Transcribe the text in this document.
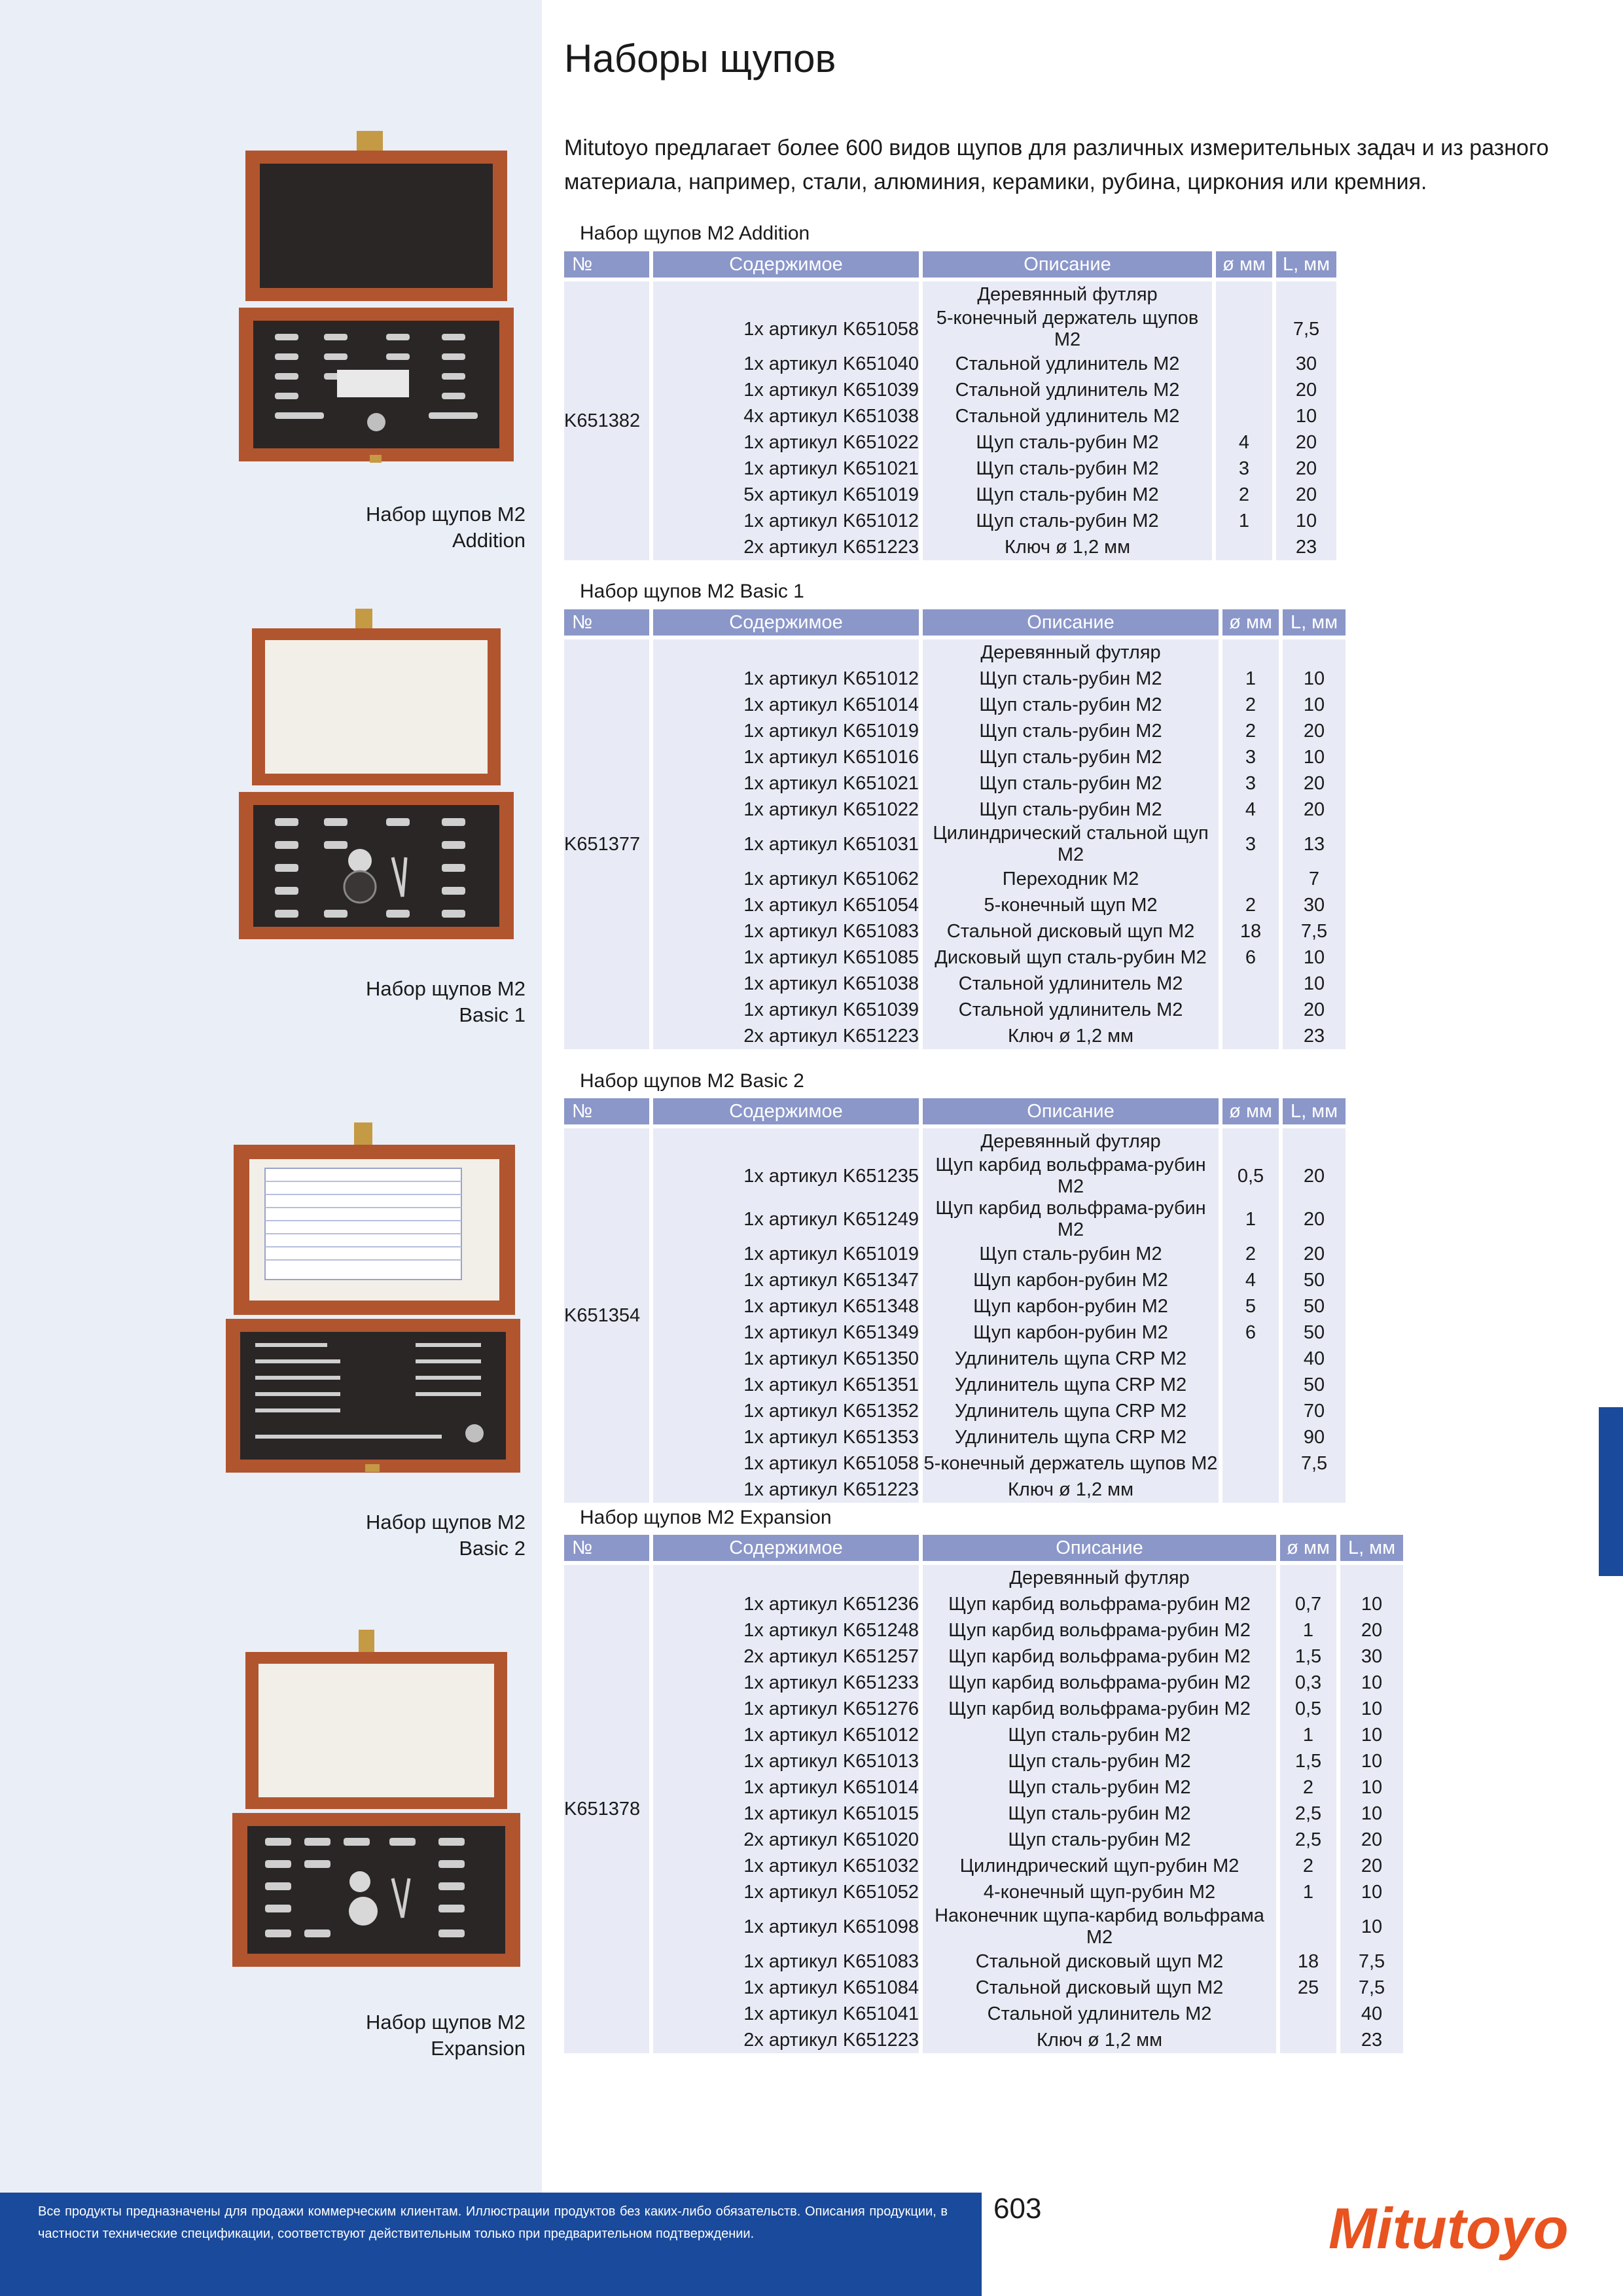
Наборы щупов

Mitutoyo предлагает более 600 видов щупов для различных измерительных задач и из разного материала, например, стали, алюминия, керамики, рубина, циркония или кремния.

Набор щупов M2 Addition
№	Содержимое	Описание	ø мм	L, мм
K651382		Деревянный футляр		
	1x артикул K651058	5-конечный держатель щупов M2		7,5
	1x артикул K651040	Стальной удлинитель M2		30
	1x артикул K651039	Стальной удлинитель M2		20
	4x артикул K651038	Стальной удлинитель M2		10
	1x артикул K651022	Щуп сталь-рубин M2	4	20
	1x артикул K651021	Щуп сталь-рубин M2	3	20
	5x артикул K651019	Щуп сталь-рубин M2	2	20
	1x артикул K651012	Щуп сталь-рубин M2	1	10
	2x артикул K651223	Ключ ø 1,2 мм		23
Набор щупов M2 Basic 1
№	Содержимое	Описание	ø мм	L, мм
K651377		Деревянный футляр		
	1x артикул K651012	Щуп сталь-рубин M2	1	10
	1x артикул K651014	Щуп сталь-рубин M2	2	10
	1x артикул K651019	Щуп сталь-рубин M2	2	20
	1x артикул K651016	Щуп сталь-рубин M2	3	10
	1x артикул K651021	Щуп сталь-рубин M2	3	20
	1x артикул K651022	Щуп сталь-рубин M2	4	20
	1x артикул K651031	Цилиндрический стальной щуп M2	3	13
	1x артикул K651062	Переходник M2		7
	1x артикул K651054	5-конечный щуп M2	2	30
	1x артикул K651083	Стальной дисковый щуп M2	18	7,5
	1x артикул K651085	Дисковый щуп сталь-рубин M2	6	10
	1x артикул K651038	Стальной удлинитель M2		10
	1x артикул K651039	Стальной удлинитель M2		20
	2x артикул K651223	Ключ ø 1,2 мм		23
Набор щупов M2 Basic 2
№	Содержимое	Описание	ø мм	L, мм
K651354		Деревянный футляр		
	1x артикул K651235	Щуп карбид вольфрама-рубин M2	0,5	20
	1x артикул K651249	Щуп карбид вольфрама-рубин M2	1	20
	1x артикул K651019	Щуп сталь-рубин M2	2	20
	1x артикул K651347	Щуп карбон-рубин M2	4	50
	1x артикул K651348	Щуп карбон-рубин M2	5	50
	1x артикул K651349	Щуп карбон-рубин M2	6	50
	1x артикул K651350	Удлинитель щупа CRP M2		40
	1x артикул K651351	Удлинитель щупа CRP M2		50
	1x артикул K651352	Удлинитель щупа CRP M2		70
	1x артикул K651353	Удлинитель щупа CRP M2		90
	1x артикул K651058	5-конечный держатель щупов M2		7,5
	1x артикул K651223	Ключ ø 1,2 мм		
Набор щупов M2 Expansion
№	Содержимое	Описание	ø мм	L, мм
K651378		Деревянный футляр		
	1x артикул K651236	Щуп карбид вольфрама-рубин M2	0,7	10
	1x артикул K651248	Щуп карбид вольфрама-рубин M2	1	20
	2x артикул K651257	Щуп карбид вольфрама-рубин M2	1,5	30
	1x артикул K651233	Щуп карбид вольфрама-рубин M2	0,3	10
	1x артикул K651276	Щуп карбид вольфрама-рубин M2	0,5	10
	1x артикул K651012	Щуп сталь-рубин M2	1	10
	1x артикул K651013	Щуп сталь-рубин M2	1,5	10
	1x артикул K651014	Щуп сталь-рубин M2	2	10
	1x артикул K651015	Щуп сталь-рубин M2	2,5	10
	2x артикул K651020	Щуп сталь-рубин M2	2,5	20
	1x артикул K651032	Цилиндрический щуп-рубин M2	2	20
	1x артикул K651052	4-конечный щуп-рубин M2	1	10
	1x артикул K651098	Наконечник щупа-карбид вольфрама M2		10
	1x артикул K651083	Стальной дисковый щуп M2	18	7,5
	1x артикул K651084	Стальной дисковый щуп M2	25	7,5
	1x артикул K651041	Стальной удлинитель M2		40
	2x артикул K651223	Ключ ø 1,2 мм		23
Набор щупов M2
Addition
Набор щупов M2
Basic 1
Набор щупов M2
Basic 2
Набор щупов M2
Expansion
Все продукты предназначены для продажи коммерческим клиентам. Иллюстрации продуктов без каких-либо обязательств. Описания продукции, в частности технические спецификации, соответствуют действительным только при предварительном подтверждении.
603	Mitutoyo
